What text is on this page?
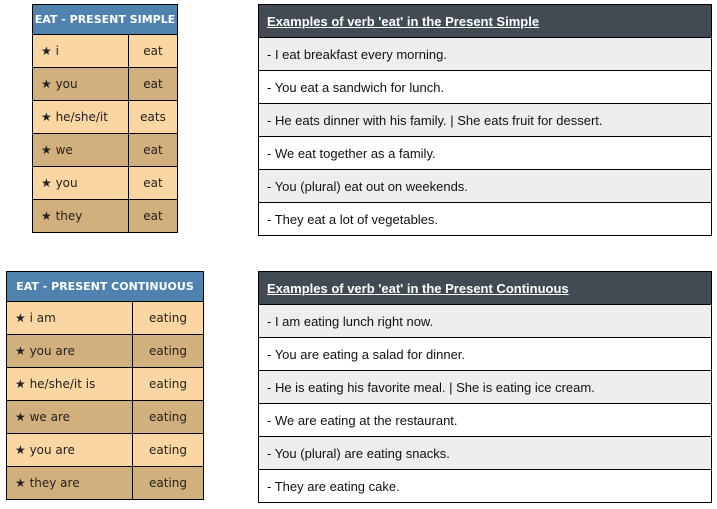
EAT - PRESENT SIMPLE	
★ i	eat
★ you	eat
★ he/she/it	eats
★ we	eat
★ you	eat
★ they	eat
Examples of verb 'eat' in the Present Simple
- I eat breakfast every morning.
- You eat a sandwich for lunch.
- He eats dinner with his family. | She eats fruit for dessert.
- We eat together as a family.
- You (plural) eat out on weekends.
- They eat a lot of vegetables.
EAT - PRESENT CONTINUOUS	
★ i am	eating
★ you are	eating
★ he/she/it is	eating
★ we are	eating
★ you are	eating
★ they are	eating
Examples of verb 'eat' in the Present Continuous
- I am eating lunch right now.
- You are eating a salad for dinner.
- He is eating his favorite meal. | She is eating ice cream.
- We are eating at the restaurant.
- You (plural) are eating snacks.
- They are eating cake.
